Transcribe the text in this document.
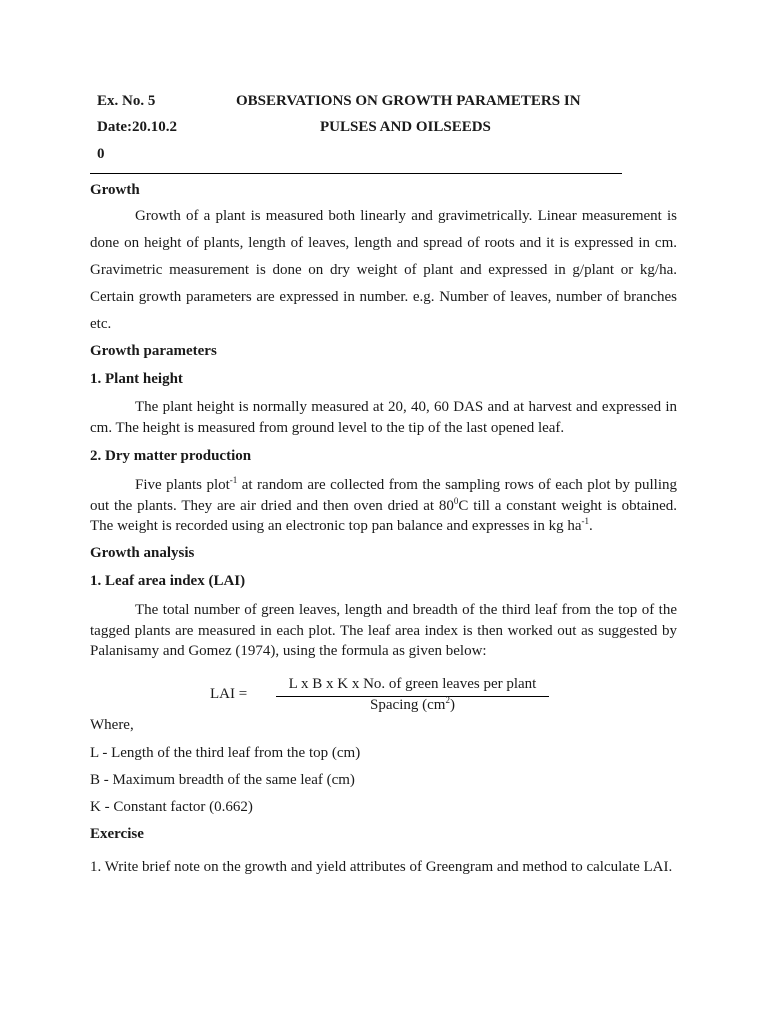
Ex. No. 5
Date:20.10.2
0
OBSERVATIONS ON GROWTH PARAMETERS IN
PULSES AND OILSEEDS
Growth
Growth of a plant is measured both linearly and gravimetrically. Linear measurement is done on height of plants, length of leaves, length and spread of roots and it is expressed in cm. Gravimetric measurement is done on dry weight of plant and expressed in g/plant or kg/ha. Certain growth parameters are expressed in number. e.g. Number of leaves, number of branches etc.
Growth parameters
1. Plant height
The plant height is normally measured at 20, 40, 60 DAS and at harvest and expressed in cm. The height is measured from ground level to the tip of the last opened leaf.
2. Dry matter production
Five plants plot$^{-1}$ at random are collected from the sampling rows of each plot by pulling out the plants. They are air dried and then oven dried at $80^0C$ till a constant weight is obtained. The weight is recorded using an electronic top pan balance and expresses in kg $ha^{-1}$.
Growth analysis
1. Leaf area index (LAI)
The total number of green leaves, length and breadth of the third leaf from the top of the tagged plants are measured in each plot. The leaf area index is then worked out as suggested by Palanisamy and Gomez (1974), using the formula as given below:
LAI =
L x B x K x No. of green leaves per plant
Spacing $(cm^2)$
Where,
L - Length of the third leaf from the top (cm)
B - Maximum breadth of the same leaf (cm)
K - Constant factor (0.662)
Exercise
1. Write brief note on the growth and yield attributes of Greengram and method to calculate LAI.
